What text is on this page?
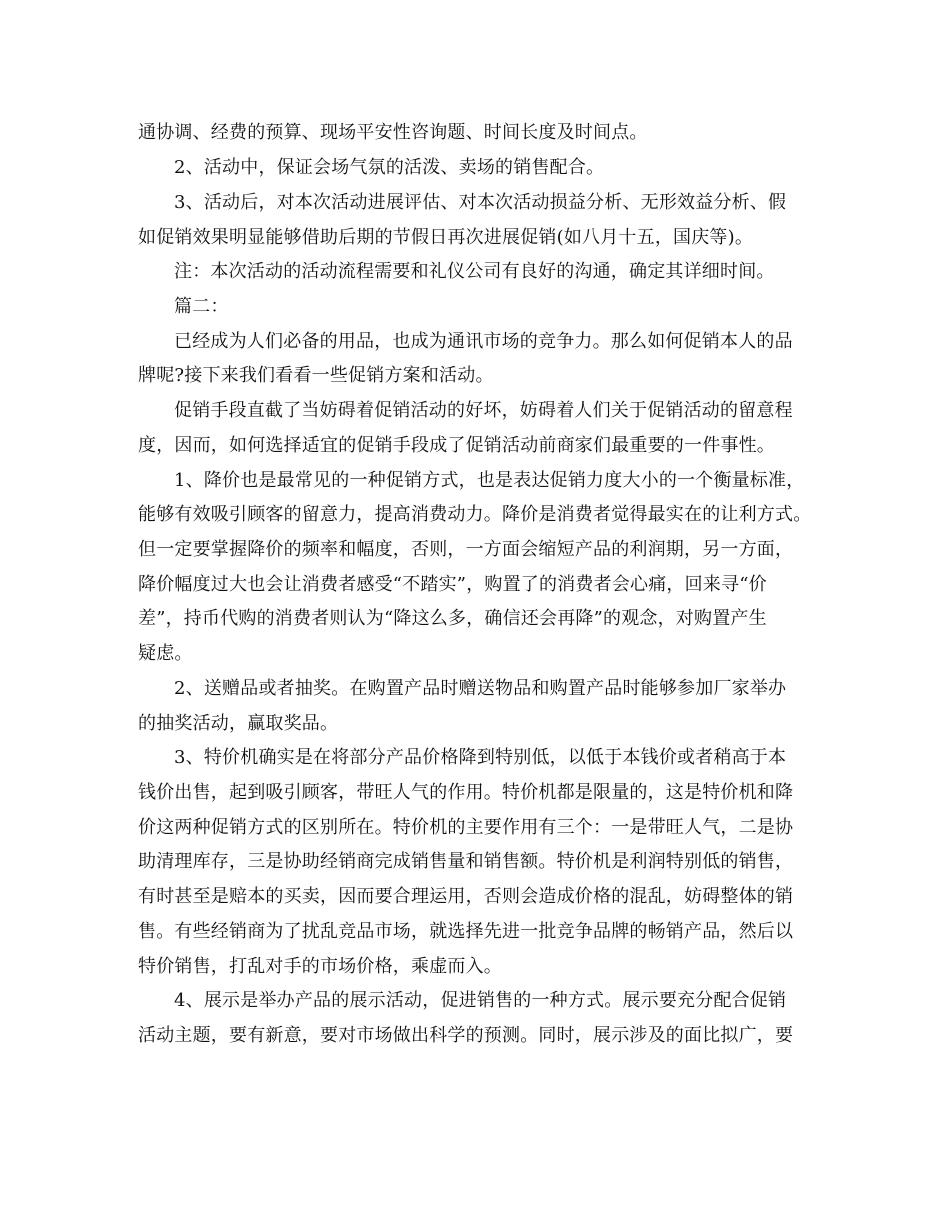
通协调、经费的预算、现场平安性咨询题、时间长度及时间点。
2、活动中，保证会场气氛的活泼、卖场的销售配合。
3、活动后，对本次活动进展评估、对本次活动损益分析、无形效益分析、假
如促销效果明显能够借助后期的节假日再次进展促销(如八月十五，国庆等)。
注：本次活动的活动流程需要和礼仪公司有良好的沟通，确定其详细时间。
篇二：
已经成为人们必备的用品，也成为通讯市场的竞争力。那么如何促销本人的品
牌呢?接下来我们看看一些促销方案和活动。
促销手段直截了当妨碍着促销活动的好坏，妨碍着人们关于促销活动的留意程
度，因而，如何选择适宜的促销手段成了促销活动前商家们最重要的一件事性。
1、降价也是最常见的一种促销方式，也是表达促销力度大小的一个衡量标准，
能够有效吸引顾客的留意力，提高消费动力。降价是消费者觉得最实在的让利方式。
但一定要掌握降价的频率和幅度，否则，一方面会缩短产品的利润期，另一方面，
降价幅度过大也会让消费者感受“不踏实”，购置了的消费者会心痛，回来寻“价
差”，持币代购的消费者则认为“降这么多，确信还会再降”的观念，对购置产生
疑虑。
2、送赠品或者抽奖。在购置产品时赠送物品和购置产品时能够参加厂家举办
的抽奖活动，赢取奖品。
3、特价机确实是在将部分产品价格降到特别低，以低于本钱价或者稍高于本
钱价出售，起到吸引顾客，带旺人气的作用。特价机都是限量的，这是特价机和降
价这两种促销方式的区别所在。特价机的主要作用有三个：一是带旺人气，二是协
助清理库存，三是协助经销商完成销售量和销售额。特价机是利润特别低的销售，
有时甚至是赔本的买卖，因而要合理运用，否则会造成价格的混乱，妨碍整体的销
售。有些经销商为了扰乱竞品市场，就选择先进一批竞争品牌的畅销产品，然后以
特价销售，打乱对手的市场价格，乘虚而入。
4、展示是举办产品的展示活动，促进销售的一种方式。展示要充分配合促销
活动主题，要有新意，要对市场做出科学的预测。同时，展示涉及的面比拟广，要
